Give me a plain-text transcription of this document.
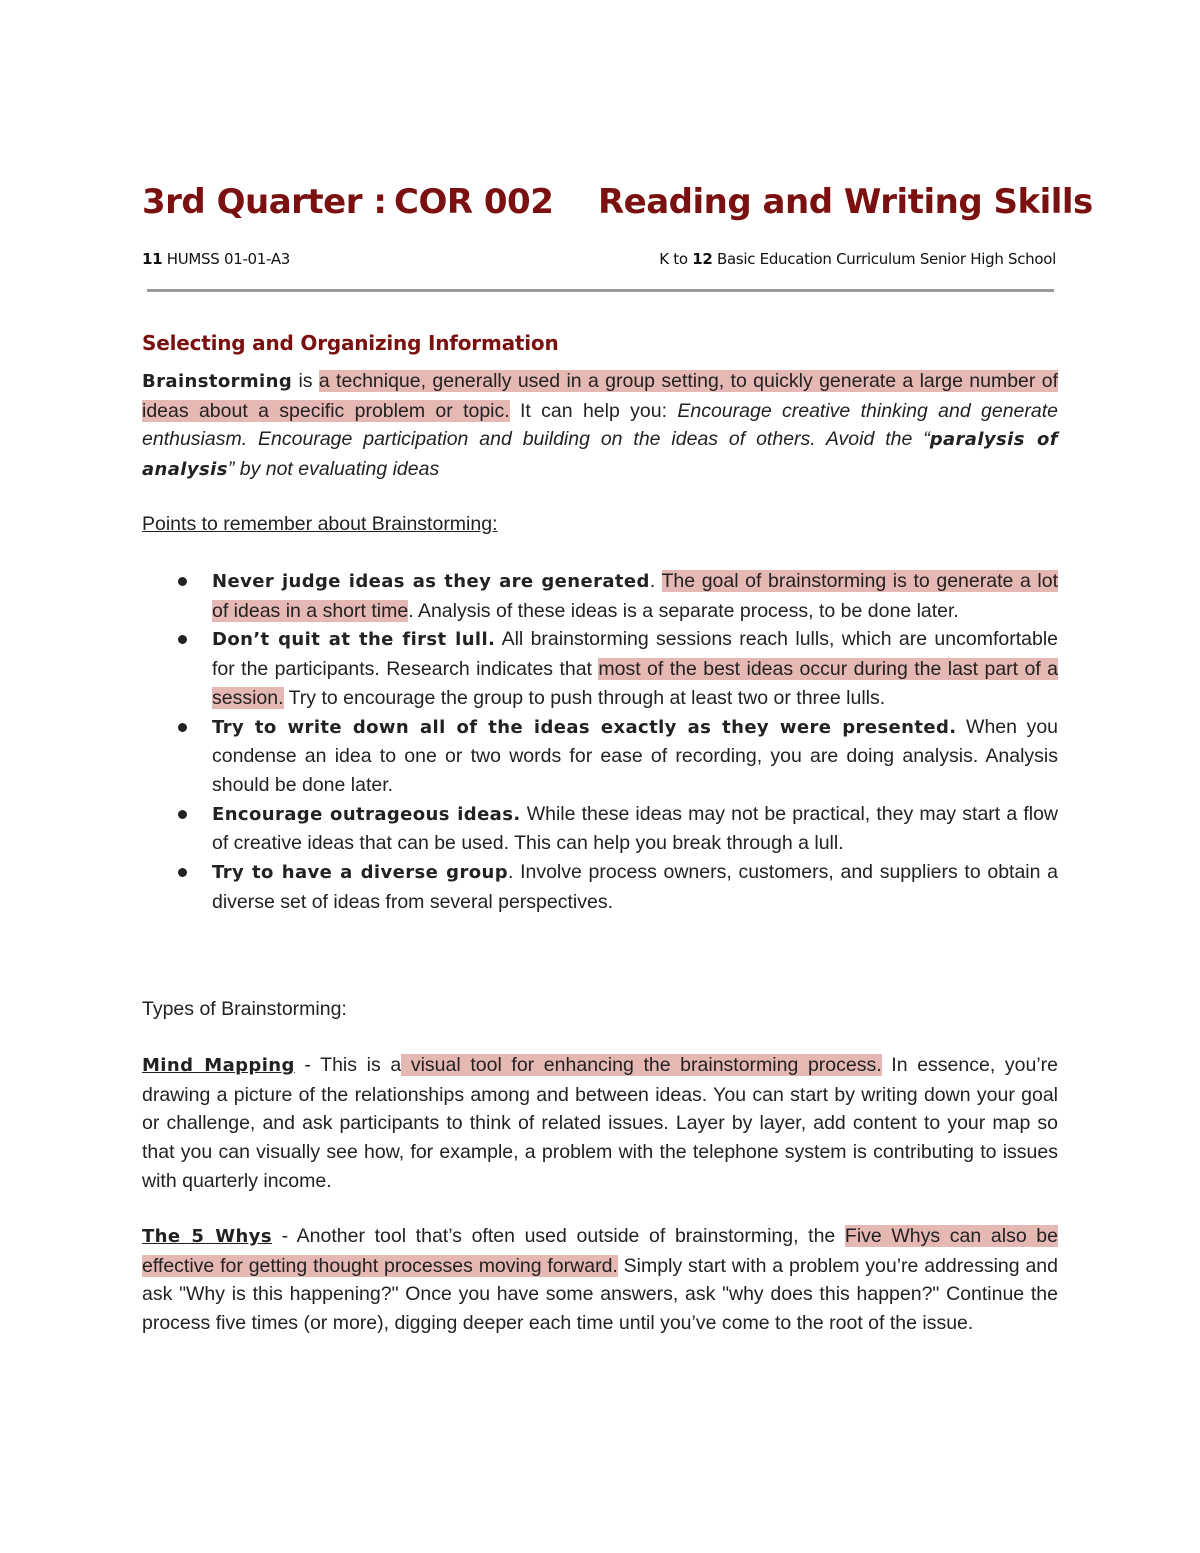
3rd Quarter : COR 002 Reading and Writing Skills
11 HUMSS 01-01-A3	K to 12 Basic Education Curriculum Senior High School
Selecting and Organizing Information
Brainstorming is a technique, generally used in a group setting, to quickly generate a large number of ideas about a specific problem or topic. It can help you: Encourage creative thinking and generate enthusiasm. Encourage participation and building on the ideas of others. Avoid the “paralysis of analysis” by not evaluating ideas
Points to remember about Brainstorming:
Never judge ideas as they are generated. The goal of brainstorming is to generate a lot of ideas in a short time. Analysis of these ideas is a separate process, to be done later.
Don’t quit at the first lull. All brainstorming sessions reach lulls, which are uncomfortable for the participants. Research indicates that most of the best ideas occur during the last part of a session. Try to encourage the group to push through at least two or three lulls.
Try to write down all of the ideas exactly as they were presented. When you condense an idea to one or two words for ease of recording, you are doing analysis. Analysis should be done later.
Encourage outrageous ideas. While these ideas may not be practical, they may start a flow of creative ideas that can be used. This can help you break through a lull.
Try to have a diverse group. Involve process owners, customers, and suppliers to obtain a diverse set of ideas from several perspectives.
Types of Brainstorming:
Mind Mapping - This is a visual tool for enhancing the brainstorming process. In essence, you’re drawing a picture of the relationships among and between ideas. You can start by writing down your goal or challenge, and ask participants to think of related issues. Layer by layer, add content to your map so that you can visually see how, for example, a problem with the telephone system is contributing to issues with quarterly income.
The 5 Whys - Another tool that’s often used outside of brainstorming, the Five Whys can also be effective for getting thought processes moving forward. Simply start with a problem you’re addressing and ask "Why is this happening?" Once you have some answers, ask "why does this happen?" Continue the process five times (or more), digging deeper each time until you’ve come to the root of the issue.
